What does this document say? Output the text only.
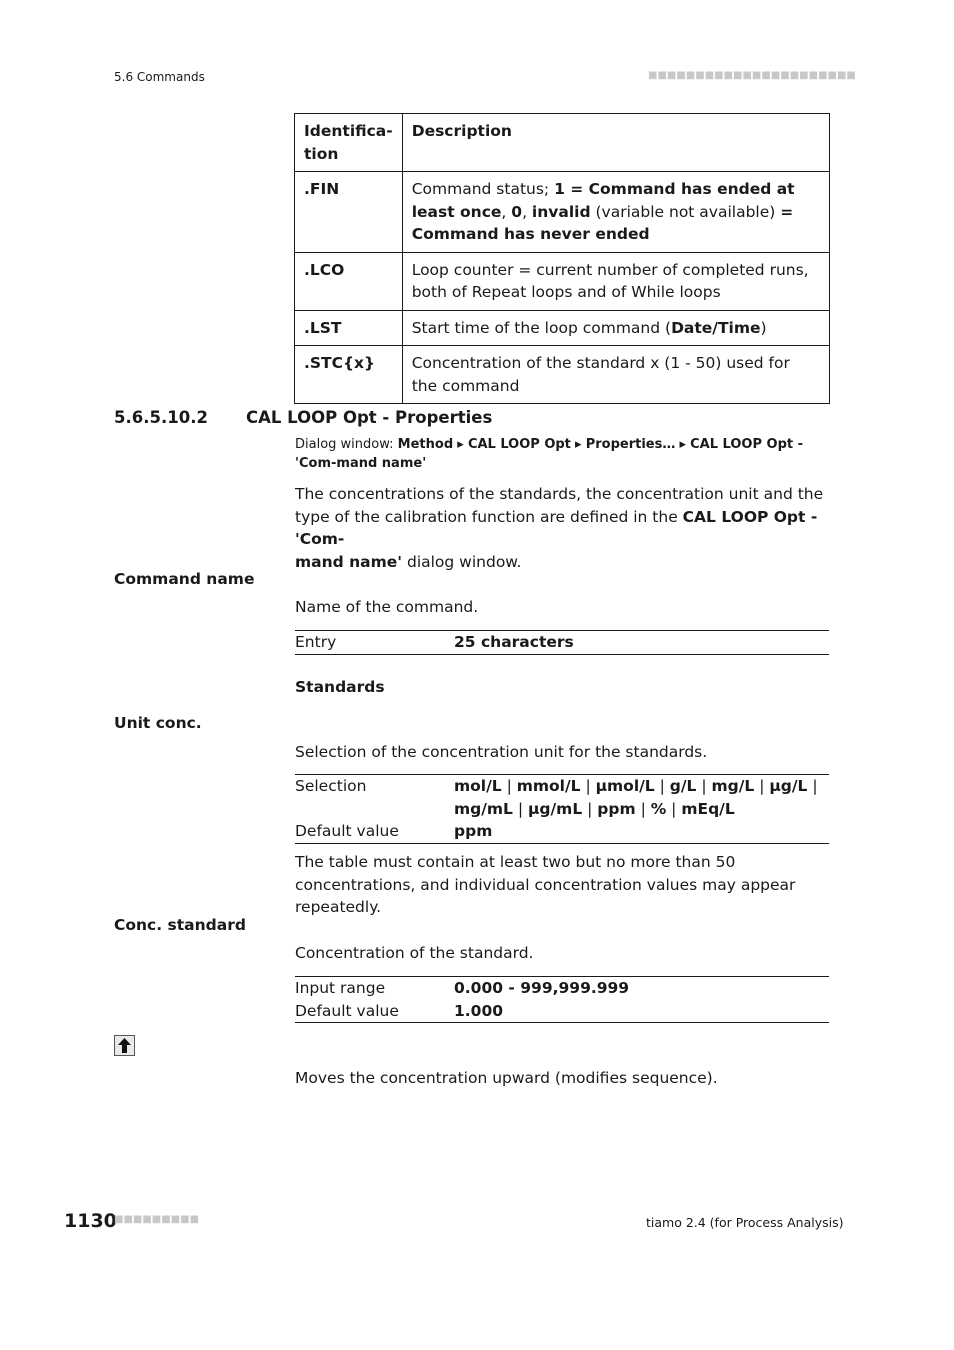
5.6 Commands	■■■■■■■■■■■■■■■■■■■■■■
Identifica-
tion	Description
.FIN	Command status; 1 = Command has ended at least once, 0, invalid (variable not available) = Command has never ended
.LCO	Loop counter = current number of completed runs, both of Repeat loops and of While loops
.LST	Start time of the loop command (Date/Time)
.STC{x}	Concentration of the standard x (1 - 50) used for the command
5.6.5.10.2 CAL LOOP Opt - Properties
Dialog window: Method ▸ CAL LOOP Opt ▸ Properties… ▸ CAL LOOP Opt - 'Com-mand name'
The concentrations of the standards, the concentration unit and the type of the calibration function are defined in the CAL LOOP Opt - 'Com-
mand name' dialog window.
Command name
Name of the command.
Entry	25 characters
Standards
Unit conc.
Selection of the concentration unit for the standards.
Selection	mol/L | mmol/L | µmol/L | g/L | mg/L | µg/L | mg/mL | µg/mL | ppm | % | mEq/L
Default value	ppm
The table must contain at least two but no more than 50 concentrations, and individual concentration values may appear repeatedly.
Conc. standard
Concentration of the standard.
Input range	0.000 - 999,999.999
Default value	1.000
Moves the concentration upward (modifies sequence).
1130
■■■■■■■■■	tiamo 2.4 (for Process Analysis)
